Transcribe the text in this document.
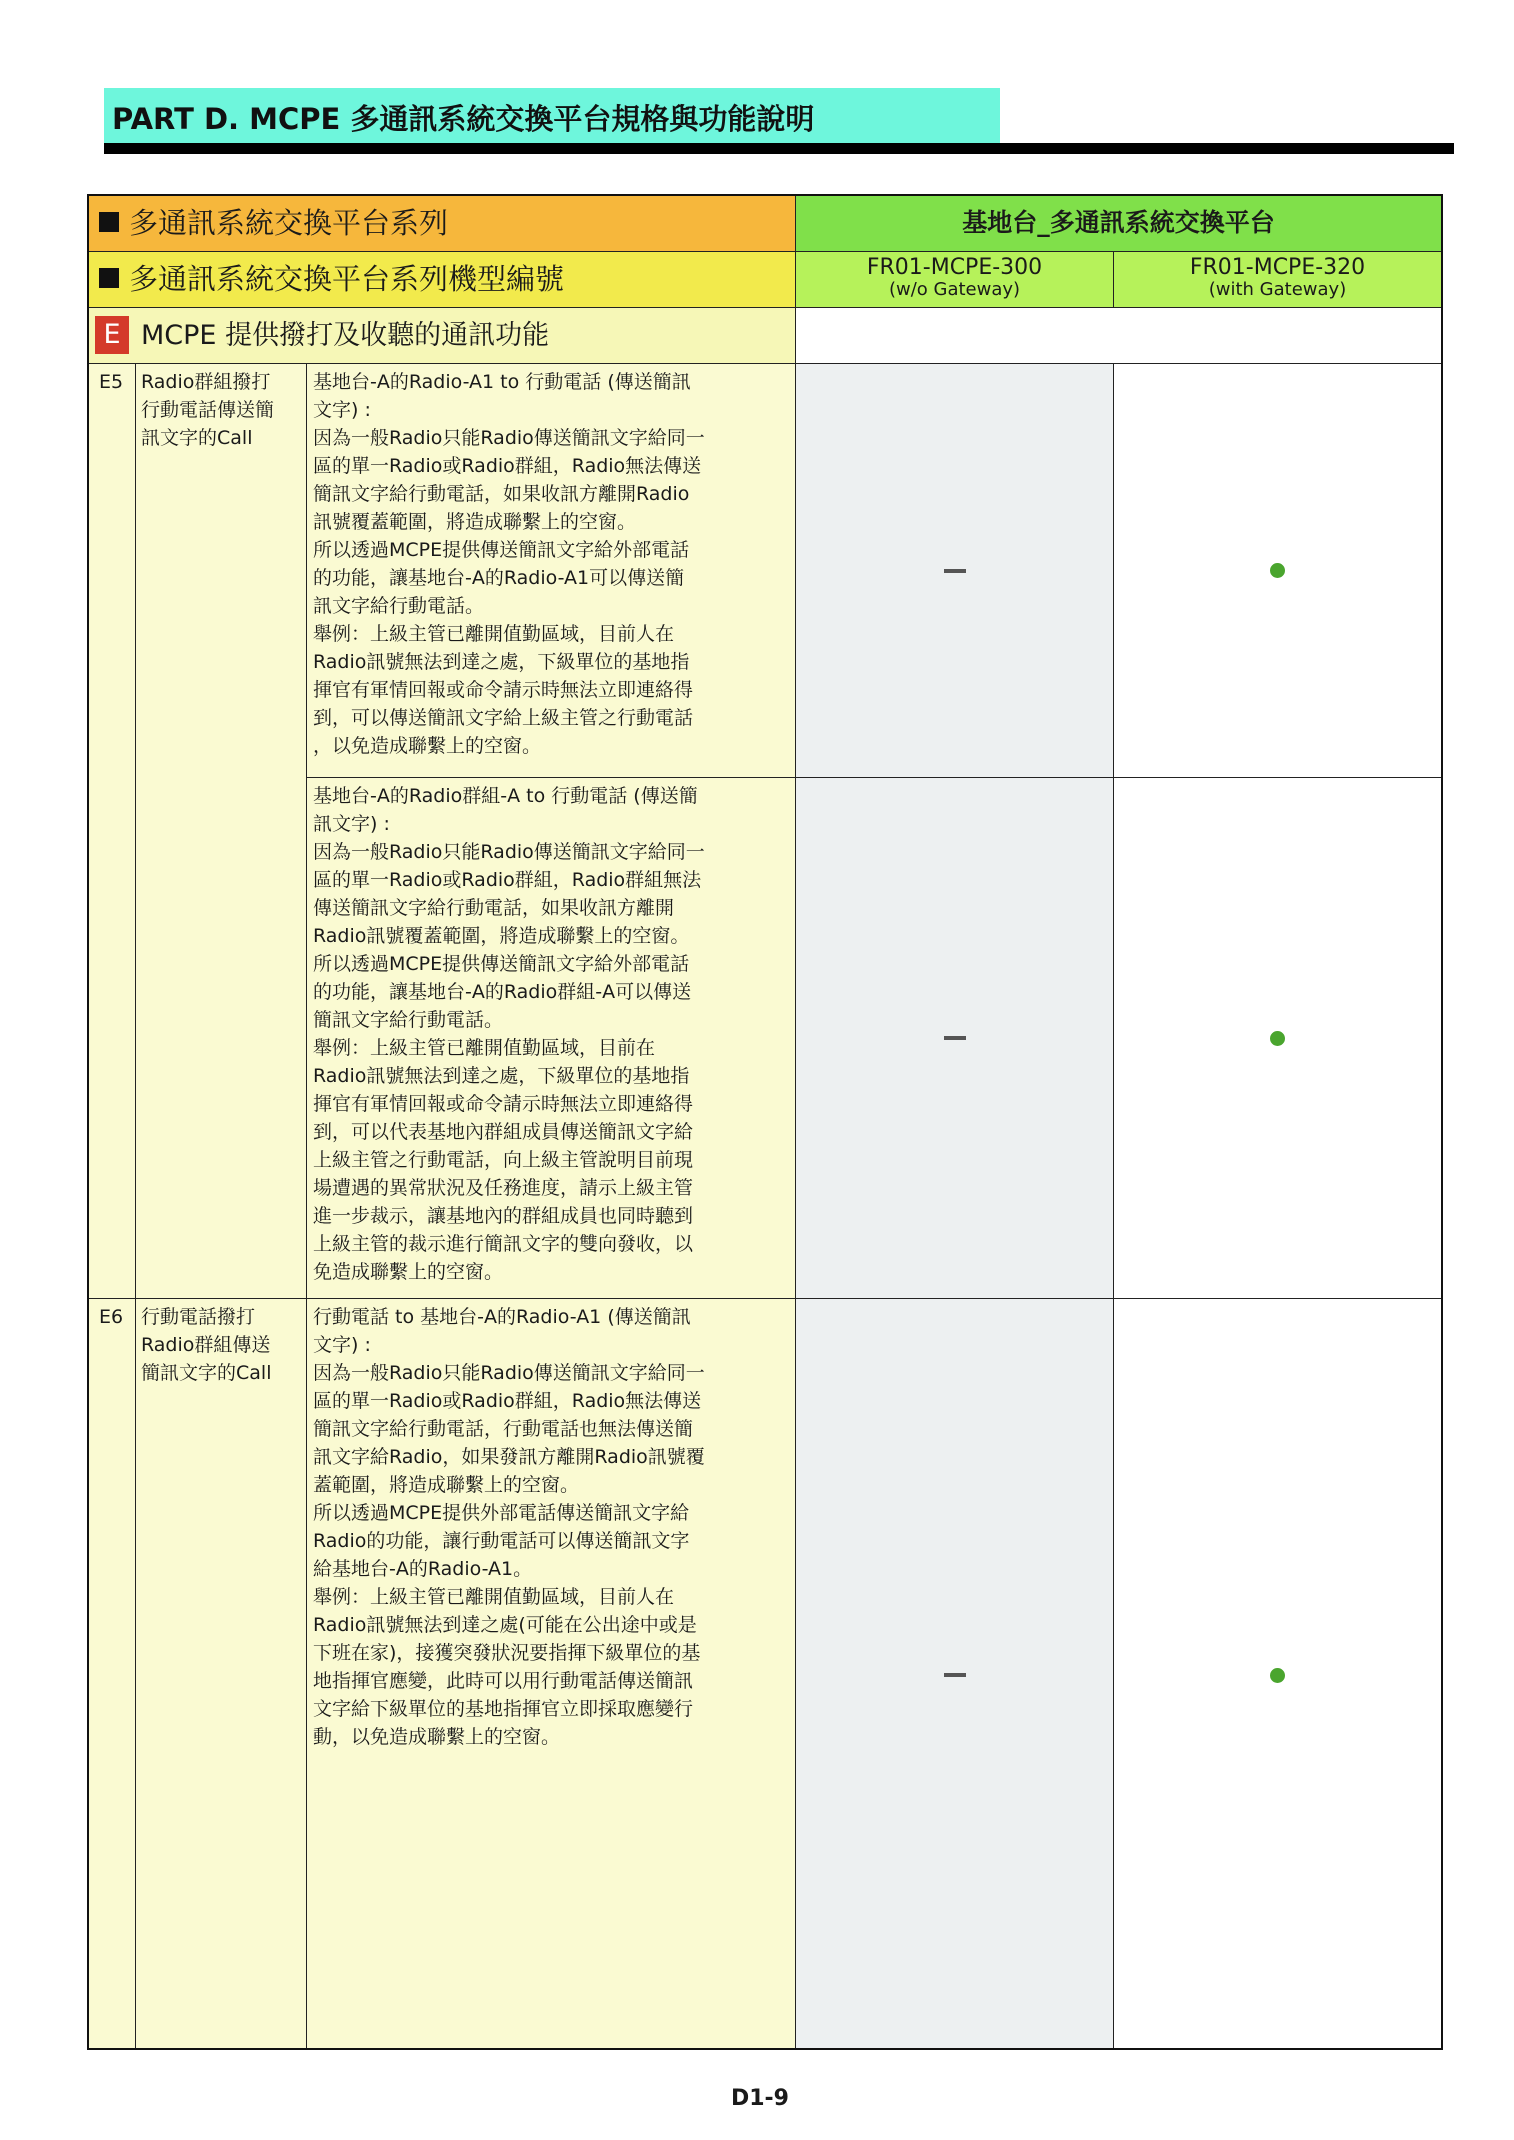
PART D. MCPE 多通訊系統交換平台規格與功能說明
多通訊系統交換平台系列	基地台_多通訊系統交換平台
多通訊系統交換平台系列機型編號	FR01-MCPE-300
(w/o Gateway)
FR01-MCPE-320
(with Gateway)
E MCPE 提供撥打及收聽的通訊功能
E5 Radio群組撥打
行動電話傳送簡
訊文字的Call
基地台-A的Radio-A1 to 行動電話 (傳送簡訊
文字) :
因為一般Radio只能Radio傳送簡訊文字給同一
區的單一Radio或Radio群組，Radio無法傳送
簡訊文字給行動電話，如果收訊方離開Radio
訊號覆蓋範圍，將造成聯繫上的空窗。
所以透過MCPE提供傳送簡訊文字給外部電話
的功能，讓基地台-A的Radio-A1可以傳送簡
訊文字給行動電話。
舉例：上級主管已離開值勤區域，目前人在
Radio訊號無法到達之處，下級單位的基地指
揮官有軍情回報或命令請示時無法立即連絡得
到，可以傳送簡訊文字給上級主管之行動電話
，以免造成聯繫上的空窗。
基地台-A的Radio群組-A to 行動電話 (傳送簡
訊文字) :
因為一般Radio只能Radio傳送簡訊文字給同一
區的單一Radio或Radio群組，Radio群組無法
傳送簡訊文字給行動電話，如果收訊方離開
Radio訊號覆蓋範圍，將造成聯繫上的空窗。
所以透過MCPE提供傳送簡訊文字給外部電話
的功能，讓基地台-A的Radio群組-A可以傳送
簡訊文字給行動電話。
舉例：上級主管已離開值勤區域，目前在
Radio訊號無法到達之處，下級單位的基地指
揮官有軍情回報或命令請示時無法立即連絡得
到，可以代表基地內群組成員傳送簡訊文字給
上級主管之行動電話，向上級主管說明目前現
場遭遇的異常狀況及任務進度，請示上級主管
進一步裁示，讓基地內的群組成員也同時聽到
上級主管的裁示進行簡訊文字的雙向發收，以
免造成聯繫上的空窗。
E6 行動電話撥打
Radio群組傳送
簡訊文字的Call
行動電話 to 基地台-A的Radio-A1 (傳送簡訊
文字) :
因為一般Radio只能Radio傳送簡訊文字給同一
區的單一Radio或Radio群組，Radio無法傳送
簡訊文字給行動電話，行動電話也無法傳送簡
訊文字給Radio，如果發訊方離開Radio訊號覆
蓋範圍，將造成聯繫上的空窗。
所以透過MCPE提供外部電話傳送簡訊文字給
Radio的功能，讓行動電話可以傳送簡訊文字
給基地台-A的Radio-A1。
舉例：上級主管已離開值勤區域，目前人在
Radio訊號無法到達之處(可能在公出途中或是
下班在家)，接獲突發狀況要指揮下級單位的基
地指揮官應變，此時可以用行動電話傳送簡訊
文字給下級單位的基地指揮官立即採取應變行
動，以免造成聯繫上的空窗。
D1-9
